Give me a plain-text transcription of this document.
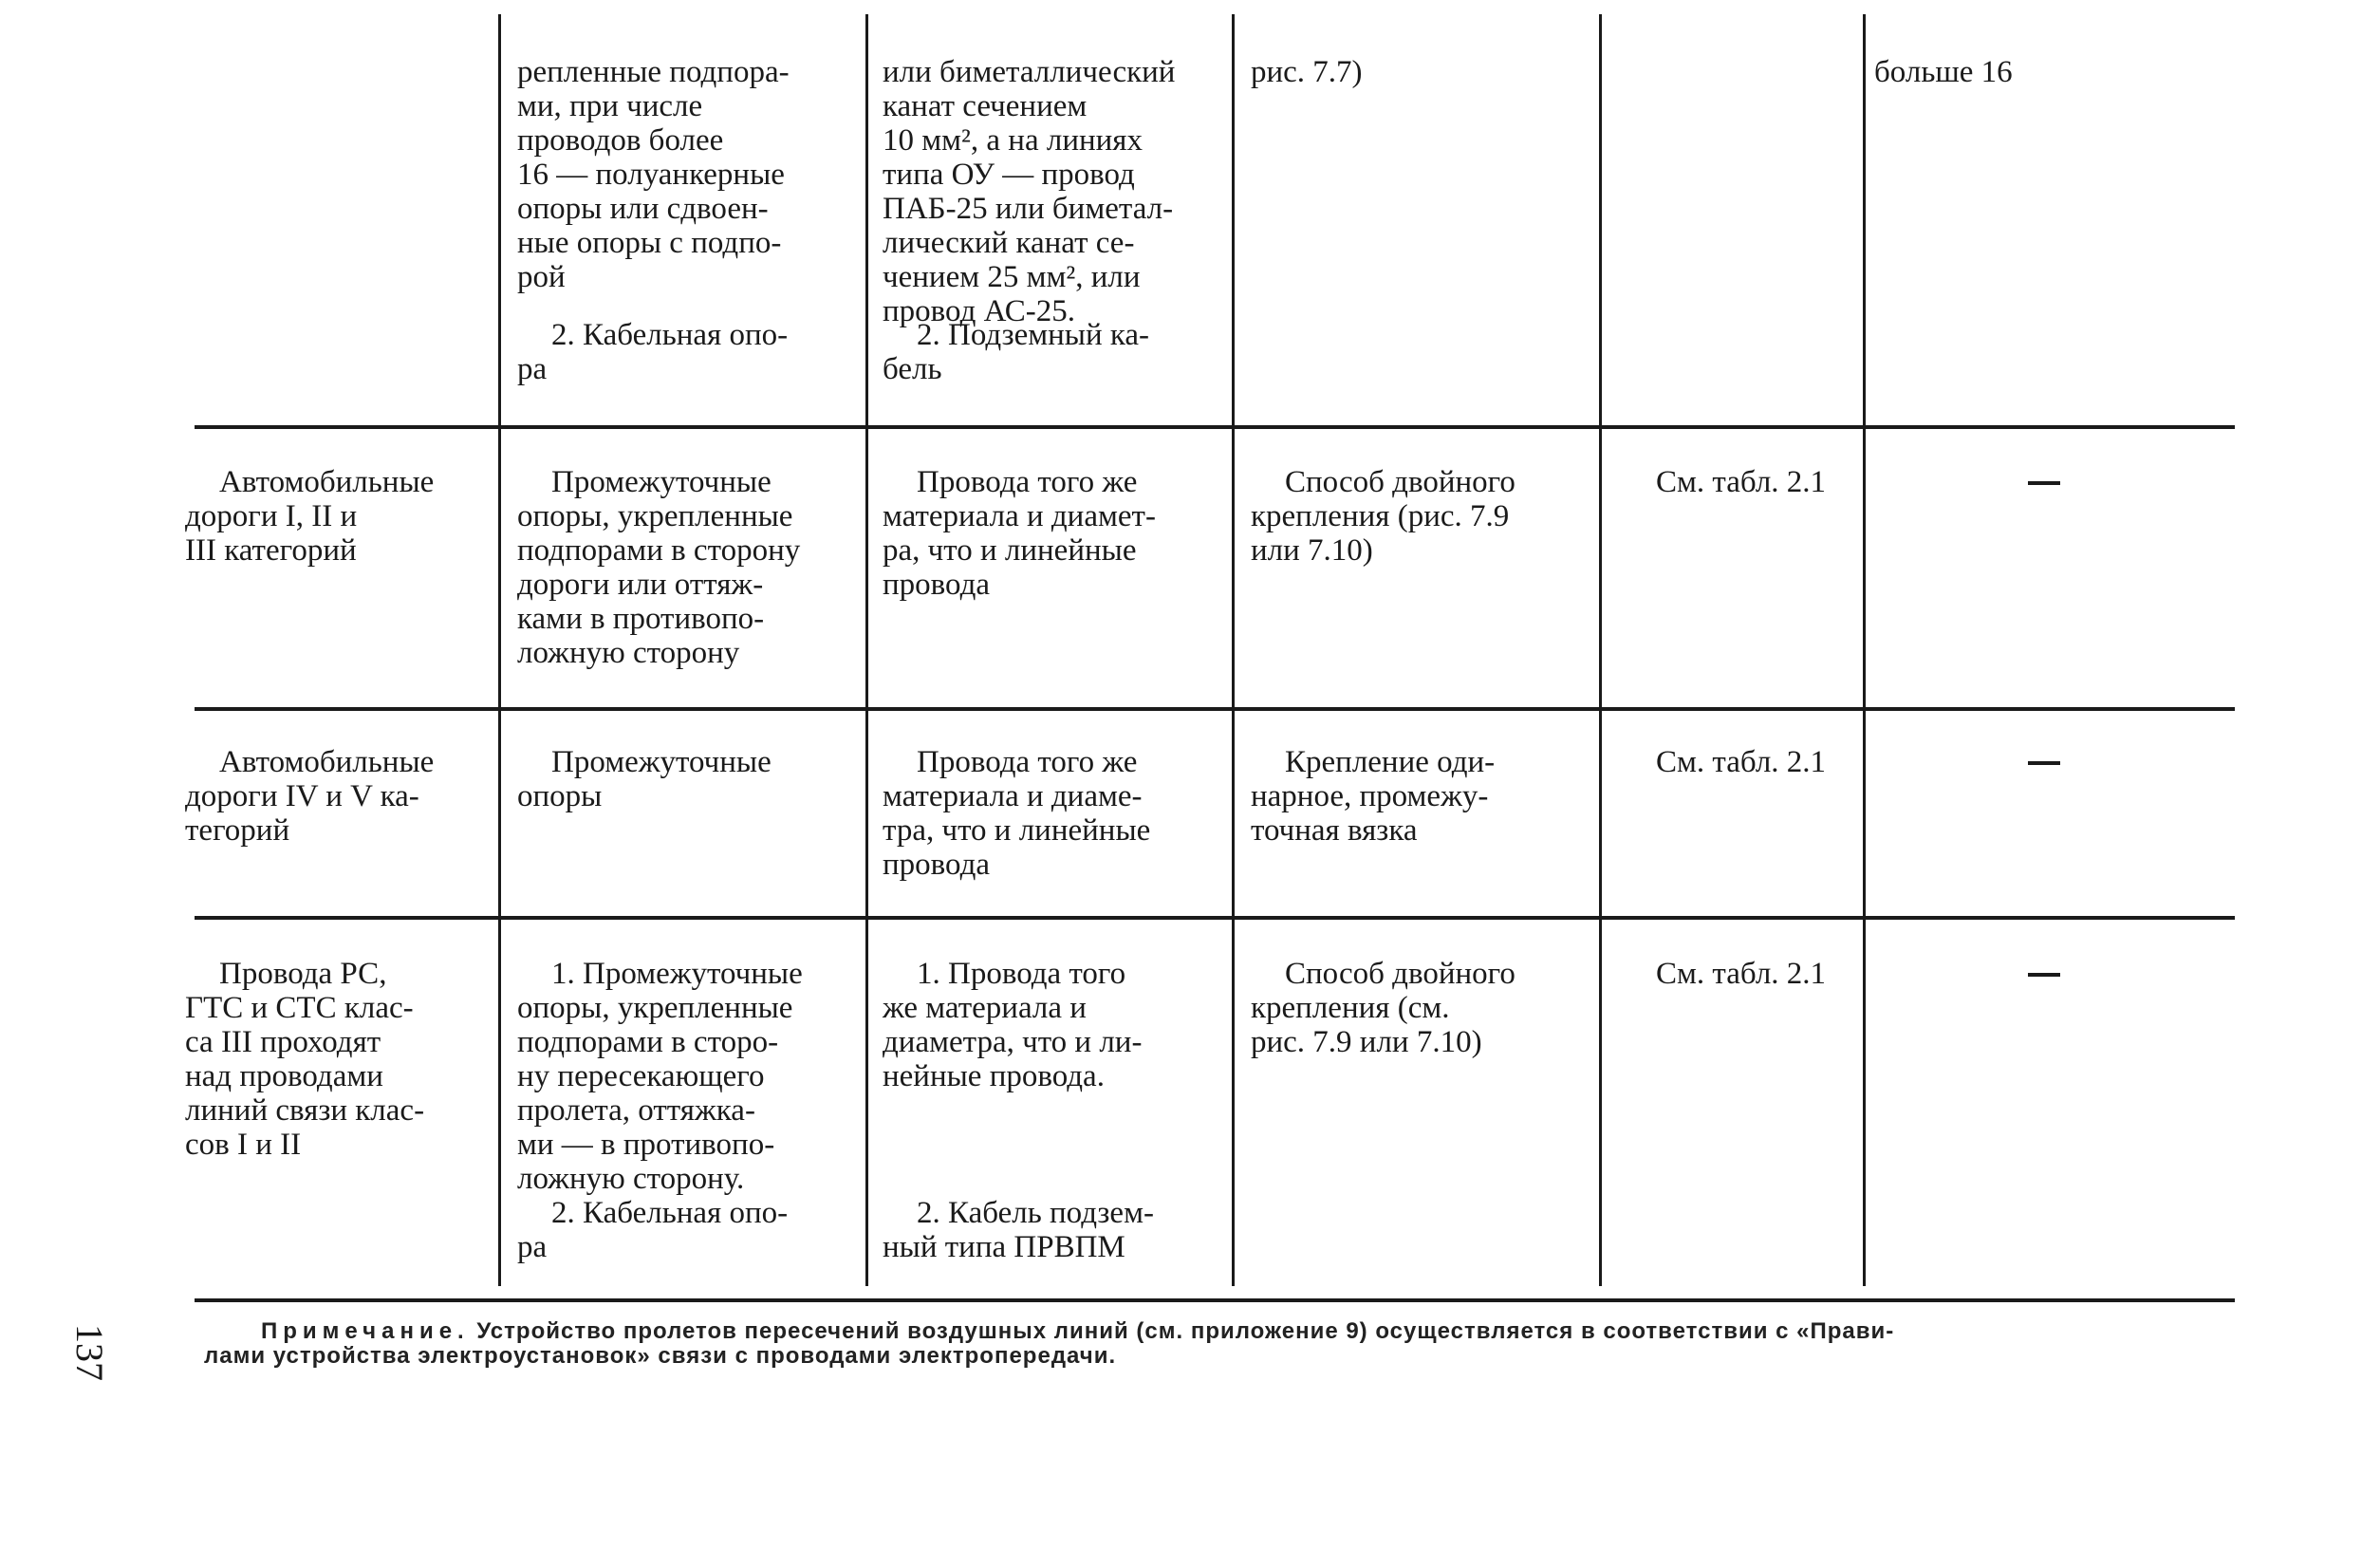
репленные подпора-
ми, при числе
проводов более
16 — полуанкерные
опоры или сдвоен-
ные опоры с подпо-
рой
2. Кабельная опо-
ра
или биметаллический
канат сечением
10 мм², а на линиях
типа ОУ — провод
ПАБ-25 или биметал-
лический канат се-
чением 25 мм², или
провод АС-25.
2. Подземный ка-
бель
рис. 7.7)	больше 16
Автомобильные
дороги I, II и
III категорий
Промежуточные
опоры, укрепленные
подпорами в сторону
дороги или оттяж-
ками в противопо-
ложную сторону
Провода того же
материала и диамет-
ра, что и линейные
провода
Способ двойного
крепления (рис. 7.9
или 7.10)
См. табл. 2.1
Автомобильные
дороги IV и V ка-
тегорий
Промежуточные
опоры
Провода того же
материала и диаме-
тра, что и линейные
провода
Крепление оди-
нарное, промежу-
точная вязка
См. табл. 2.1
Провода РС,
ГТС и СТС клас-
са III проходят
над проводами
линий связи клас-
сов I и II
1. Промежуточные
опоры, укрепленные
подпорами в сторо-
ну пересекающего
пролета, оттяжка-
ми — в противопо-
ложную сторону.
2. Кабельная опо-
ра
1. Провода того
же материала и
диаметра, что и ли-
нейные провода.
2. Кабель подзем-
ный типа ПРВПМ
Способ двойного
крепления (см.
рис. 7.9 или 7.10)
См. табл. 2.1
Примечание. Устройство пролетов пересечений воздушных линий (см. приложение 9) осуществляется в соответствии с «Прави-
лами устройства электроустановок» связи с проводами электропередачи.
137
